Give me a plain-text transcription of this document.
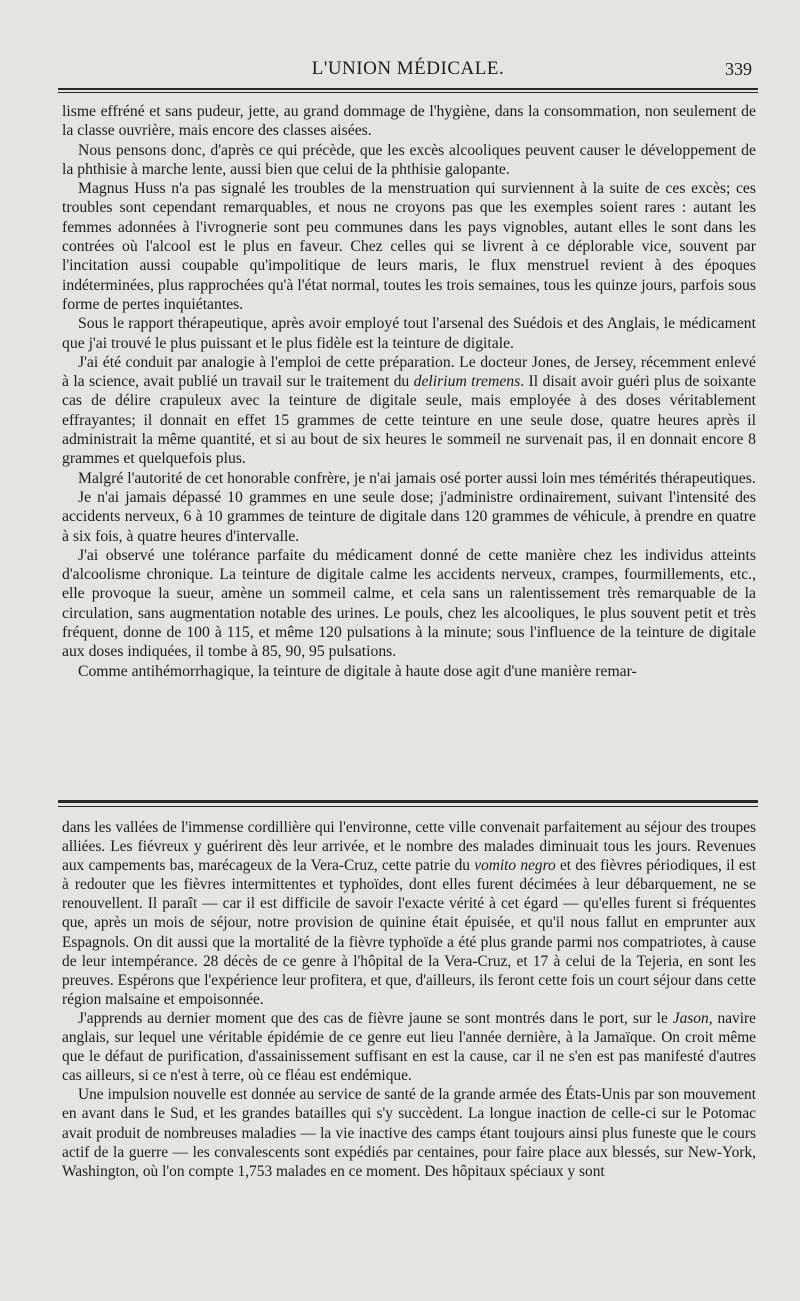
L'UNION MÉDICALE.	339

lisme effréné et sans pudeur, jette, au grand dommage de l'hygiène, dans la consommation, non seulement de la classe ouvrière, mais encore des classes aisées.

Nous pensons donc, d'après ce qui précède, que les excès alcooliques peuvent causer le développement de la phthisie à marche lente, aussi bien que celui de la phthisie galopante.

Magnus Huss n'a pas signalé les troubles de la menstruation qui surviennent à la suite de ces excès; ces troubles sont cependant remarquables, et nous ne croyons pas que les exemples soient rares : autant les femmes adonnées à l'ivrognerie sont peu communes dans les pays vignobles, autant elles le sont dans les contrées où l'alcool est le plus en faveur. Chez celles qui se livrent à ce déplorable vice, souvent par l'incitation aussi coupable qu'impolitique de leurs maris, le flux menstruel revient à des époques indéterminées, plus rapprochées qu'à l'état normal, toutes les trois semaines, tous les quinze jours, parfois sous forme de pertes inquiétantes.

Sous le rapport thérapeutique, après avoir employé tout l'arsenal des Suédois et des Anglais, le médicament que j'ai trouvé le plus puissant et le plus fidèle est la teinture de digitale.

J'ai été conduit par analogie à l'emploi de cette préparation. Le docteur Jones, de Jersey, récemment enlevé à la science, avait publié un travail sur le traitement du delirium tremens. Il disait avoir guéri plus de soixante cas de délire crapuleux avec la teinture de digitale seule, mais employée à des doses véritablement effrayantes; il donnait en effet 15 grammes de cette teinture en une seule dose, quatre heures après il administrait la même quantité, et si au bout de six heures le sommeil ne survenait pas, il en donnait encore 8 grammes et quelquefois plus.

Malgré l'autorité de cet honorable confrère, je n'ai jamais osé porter aussi loin mes témérités thérapeutiques.

Je n'ai jamais dépassé 10 grammes en une seule dose; j'administre ordinairement, suivant l'intensité des accidents nerveux, 6 à 10 grammes de teinture de digitale dans 120 grammes de véhicule, à prendre en quatre à six fois, à quatre heures d'intervalle.

J'ai observé une tolérance parfaite du médicament donné de cette manière chez les individus atteints d'alcoolisme chronique. La teinture de digitale calme les accidents nerveux, crampes, fourmillements, etc., elle provoque la sueur, amène un sommeil calme, et cela sans un ralentissement très remarquable de la circulation, sans augmentation notable des urines. Le pouls, chez les alcooliques, le plus souvent petit et très fréquent, donne de 100 à 115, et même 120 pulsations à la minute; sous l'influence de la teinture de digitale aux doses indiquées, il tombe à 85, 90, 95 pulsations.

Comme antihémorrhagique, la teinture de digitale à haute dose agit d'une manière remar-

dans les vallées de l'immense cordillière qui l'environne, cette ville convenait parfaitement au séjour des troupes alliées. Les fiévreux y guérirent dès leur arrivée, et le nombre des malades diminuait tous les jours. Revenues aux campements bas, marécageux de la Vera-Cruz, cette patrie du vomito negro et des fièvres périodiques, il est à redouter que les fièvres intermittentes et typhoïdes, dont elles furent décimées à leur débarquement, ne se renouvellent. Il paraît — car il est difficile de savoir l'exacte vérité à cet égard — qu'elles furent si fréquentes que, après un mois de séjour, notre provision de quinine était épuisée, et qu'il nous fallut en emprunter aux Espagnols. On dit aussi que la mortalité de la fièvre typhoïde a été plus grande parmi nos compatriotes, à cause de leur intempérance. 28 décès de ce genre à l'hôpital de la Vera-Cruz, et 17 à celui de la Tejeria, en sont les preuves. Espérons que l'expérience leur profitera, et que, d'ailleurs, ils feront cette fois un court séjour dans cette région malsaine et empoisonnée.

J'apprends au dernier moment que des cas de fièvre jaune se sont montrés dans le port, sur le Jason, navire anglais, sur lequel une véritable épidémie de ce genre eut lieu l'année dernière, à la Jamaïque. On croit même que le défaut de purification, d'assainissement suffisant en est la cause, car il ne s'en est pas manifesté d'autres cas ailleurs, si ce n'est à terre, où ce fléau est endémique.

Une impulsion nouvelle est donnée au service de santé de la grande armée des États-Unis par son mouvement en avant dans le Sud, et les grandes batailles qui s'y succèdent. La longue inaction de celle-ci sur le Potomac avait produit de nombreuses maladies — la vie inactive des camps étant toujours ainsi plus funeste que le cours actif de la guerre — les convalescents sont expédiés par centaines, pour faire place aux blessés, sur New-York, Washington, où l'on compte 1,753 malades en ce moment. Des hôpitaux spéciaux y sont
